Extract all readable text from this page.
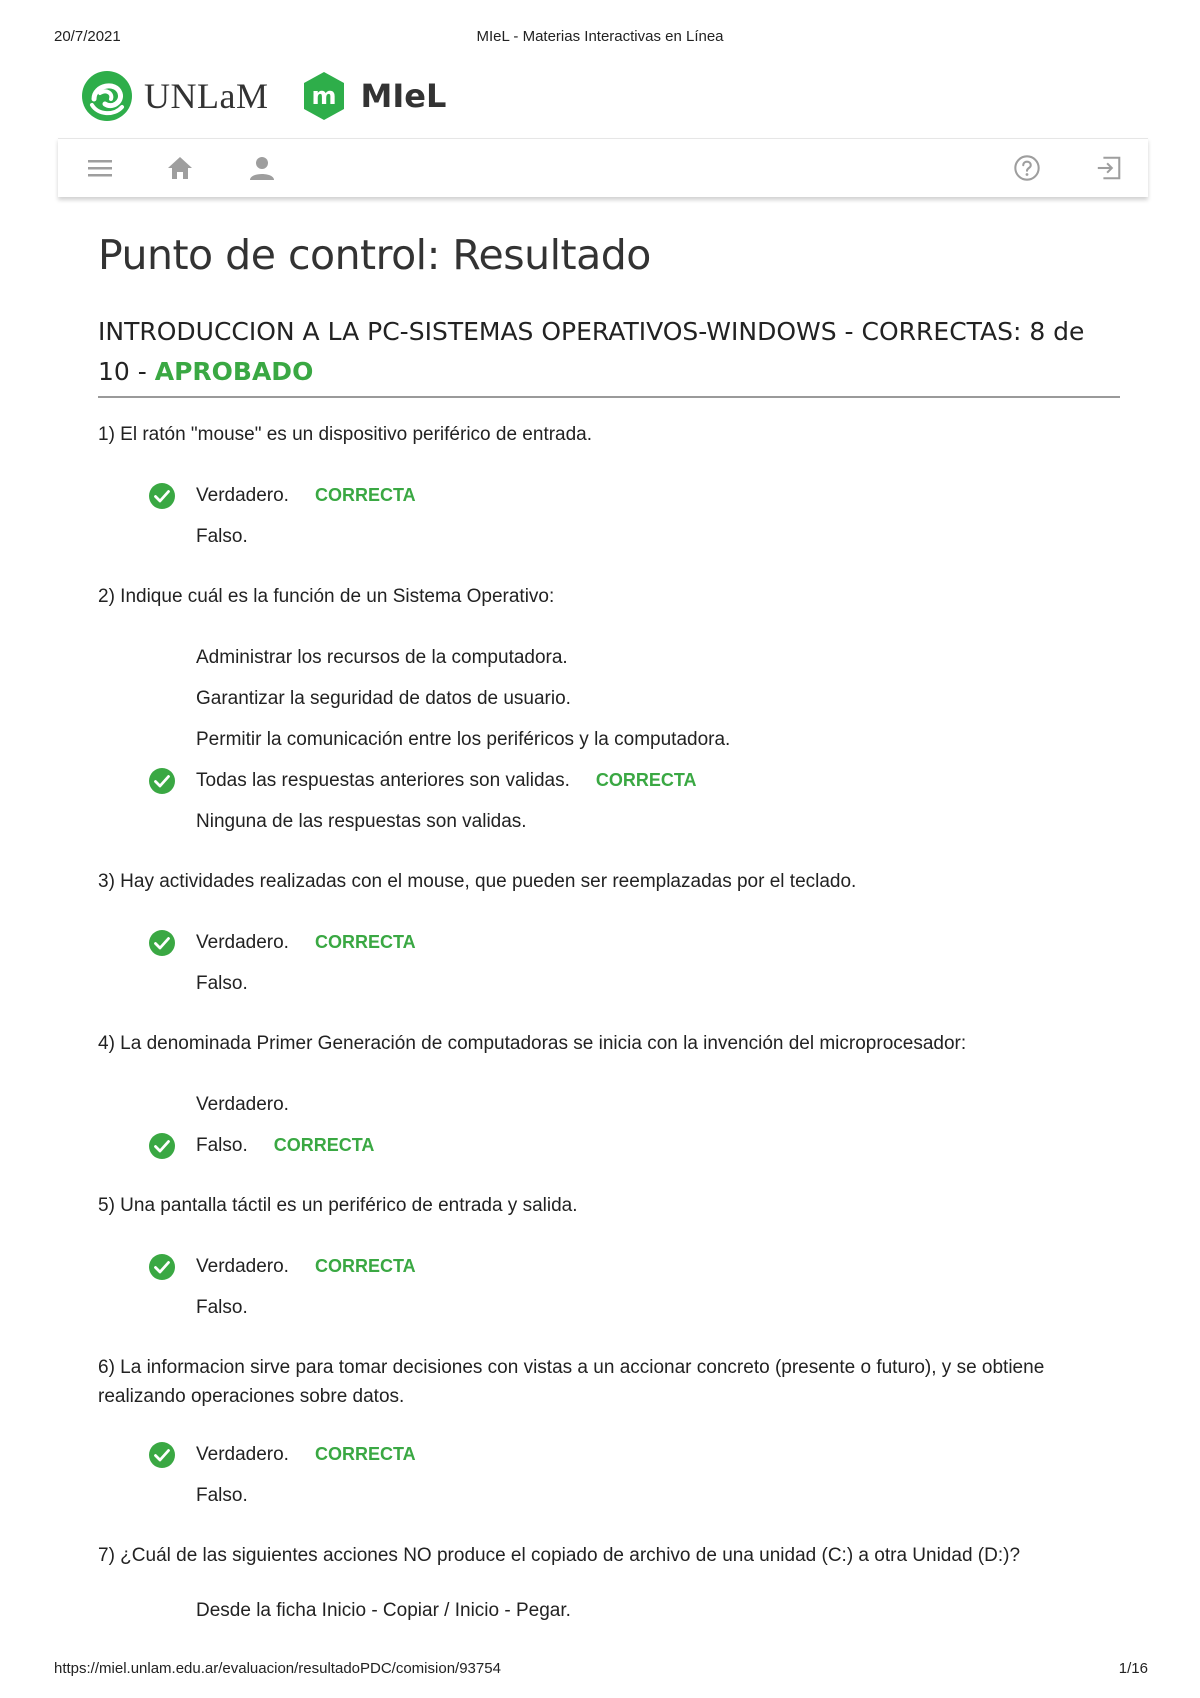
20/7/2021	MIeL - Materias Interactivas en Línea
UNLaM m MIeL
Punto de control: Resultado
INTRODUCCION A LA PC-SISTEMAS OPERATIVOS-WINDOWS - CORRECTAS: 8 de 10 - APROBADO

1) El ratón "mouse" es un dispositivo periférico de entrada.

Verdadero. CORRECTA
Falso.

2) Indique cuál es la función de un Sistema Operativo:

Administrar los recursos de la computadora.
Garantizar la seguridad de datos de usuario.
Permitir la comunicación entre los periféricos y la computadora.
Todas las respuestas anteriores son validas. CORRECTA
Ninguna de las respuestas son validas.

3) Hay actividades realizadas con el mouse, que pueden ser reemplazadas por el teclado.

Verdadero. CORRECTA
Falso.

4) La denominada Primer Generación de computadoras se inicia con la invención del microprocesador:

Verdadero.
Falso. CORRECTA

5) Una pantalla táctil es un periférico de entrada y salida.

Verdadero. CORRECTA
Falso.

6) La informacion sirve para tomar decisiones con vistas a un accionar concreto (presente o futuro), y se obtiene realizando operaciones sobre datos.

Verdadero. CORRECTA
Falso.

7) ¿Cuál de las siguientes acciones NO produce el copiado de archivo de una unidad (C:) a otra Unidad (D:)?

Desde la ficha Inicio - Copiar / Inicio - Pegar.
https://miel.unlam.edu.ar/evaluacion/resultadoPDC/comision/93754	1/16
